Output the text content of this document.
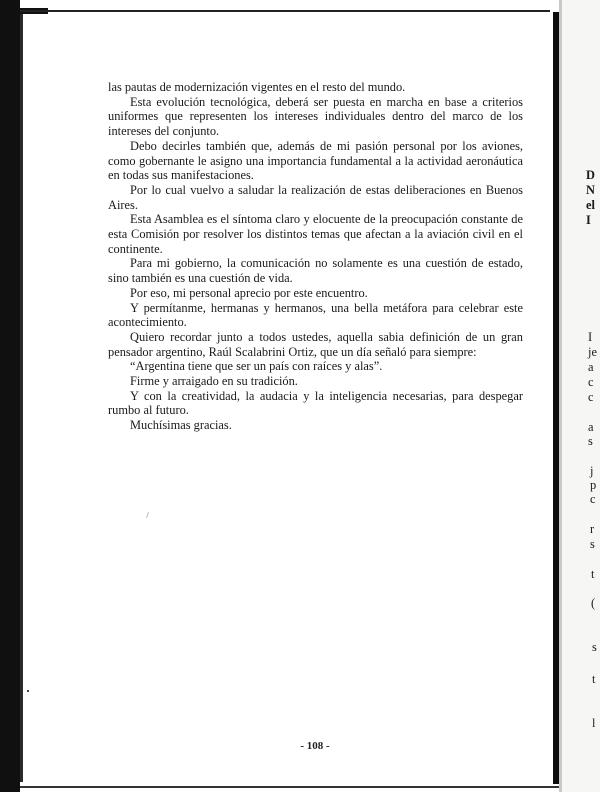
las pautas de modernización vigentes en el resto del mundo.

Esta evolución tecnológica, deberá ser puesta en marcha en base a criterios uniformes que representen los intereses individuales dentro del marco de los intereses del conjunto.

Debo decirles también que, además de mi pasión personal por los aviones, como gobernante le asigno una importancia fundamental a la actividad aeronáutica en todas sus manifestaciones.

Por lo cual vuelvo a saludar la realización de estas deliberaciones en Buenos Aires.

Esta Asamblea es el síntoma claro y elocuente de la preocupación constante de esta Comisión por resolver los distintos temas que afectan a la aviación civil en el continente.

Para mi gobierno, la comunicación no solamente es una cuestión de estado, sino también es una cuestión de vida.

Por eso, mi personal aprecio por este encuentro.

Y permítanme, hermanas y hermanos, una bella metáfora para celebrar este acontecimiento.

Quiero recordar junto a todos ustedes, aquella sabia definición de un gran pensador argentino, Raúl Scalabrini Ortiz, que un día señaló para siempre:

“Argentina tiene que ser un país con raíces y alas”.

Firme y arraigado en su tradición.

Y con la creatividad, la audacia y la inteligencia necesarias, para despegar rumbo al futuro.

Muchísimas gracias.

D
N
el
I
I
je
a
c
c
a
s
j
p
c
r
s
t
(
s
t
l
- 108 -
